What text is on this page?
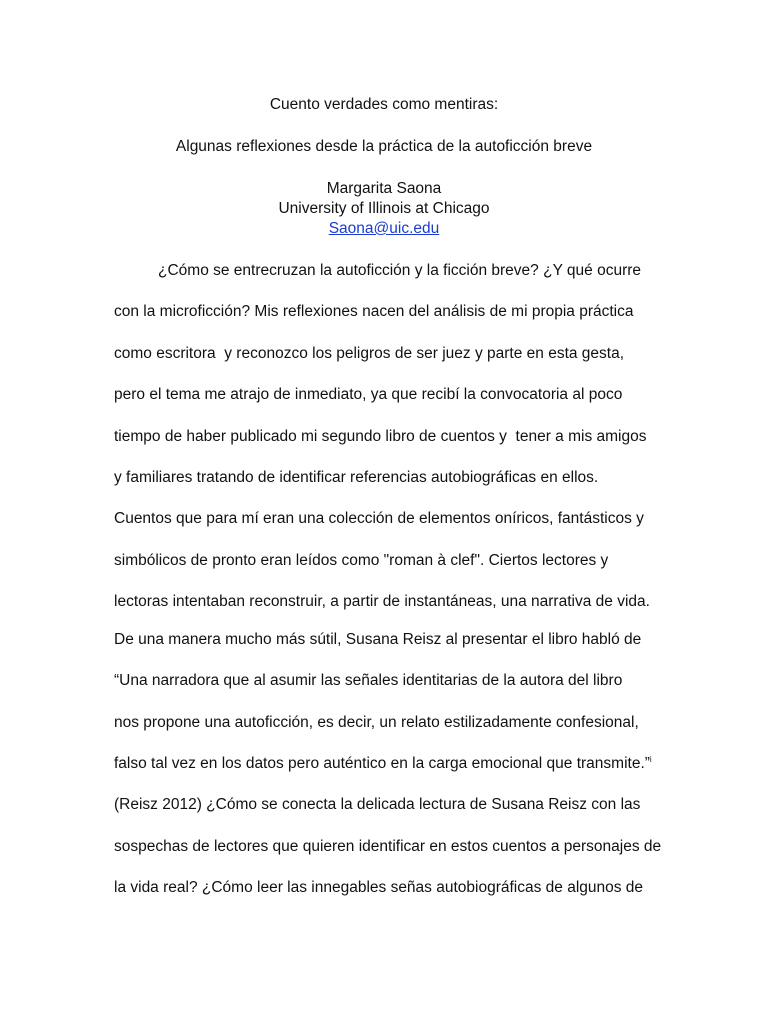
Cuento verdades como mentiras:
Algunas reflexiones desde la práctica de la autoficción breve
Margarita Saona
University of Illinois at Chicago
Saona@uic.edu
¿Cómo se entrecruzan la autoficción y la ficción breve? ¿Y qué ocurre
con la microficción? Mis reflexiones nacen del análisis de mi propia práctica
como escritora  y reconozco los peligros de ser juez y parte en esta gesta,
pero el tema me atrajo de inmediato, ya que recibí la convocatoria al poco
tiempo de haber publicado mi segundo libro de cuentos y  tener a mis amigos
y familiares tratando de identificar referencias autobiográficas en ellos.
Cuentos que para mí eran una colección de elementos oníricos, fantásticos y
simbólicos de pronto eran leídos como "roman à clef". Ciertos lectores y
lectoras intentaban reconstruir, a partir de instantáneas, una narrativa de vida.
De una manera mucho más sútil, Susana Reisz al presentar el libro habló de
“Una narradora que al asumir las señales identitarias de la autora del libro
nos propone una autoficción, es decir, un relato estilizadamente confesional,
falso tal vez en los datos pero auténtico en la carga emocional que transmite.”$^i$
(Reisz 2012) ¿Cómo se conecta la delicada lectura de Susana Reisz con las
sospechas de lectores que quieren identificar en estos cuentos a personajes de
la vida real? ¿Cómo leer las innegables señas autobiográficas de algunos de
